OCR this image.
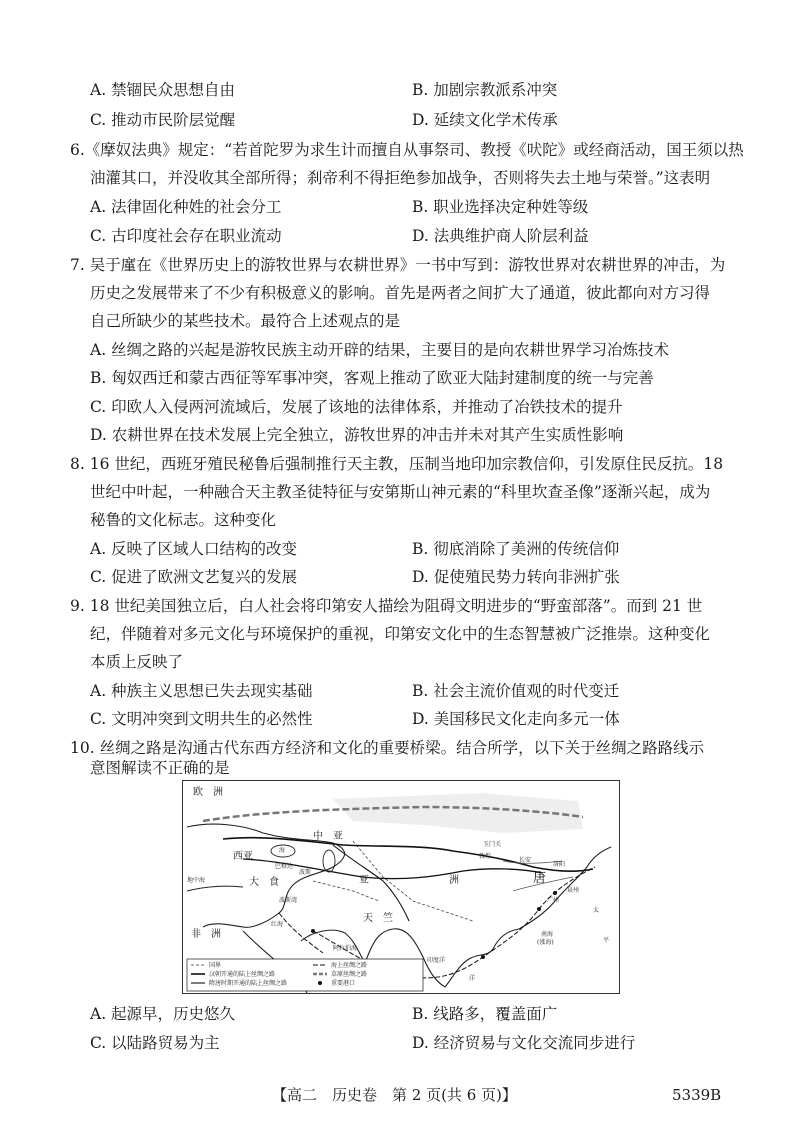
A. 禁锢民众思想自由	B. 加剧宗教派系冲突
C. 推动市民阶层觉醒	D. 延续文化学术传承
6.《摩奴法典》规定：“若首陀罗为求生计而擅自从事祭司、教授《吠陀》或经商活动，国王须以热
油灌其口，并没收其全部所得；刹帝利不得拒绝参加战争，否则将失去土地与荣誉。”这表明
A. 法律固化种姓的社会分工	B. 职业选择决定种姓等级
C. 古印度社会存在职业流动	D. 法典维护商人阶层利益
7. 吴于廑在《世界历史上的游牧世界与农耕世界》一书中写到：游牧世界对农耕世界的冲击，为
历史之发展带来了不少有积极意义的影响。首先是两者之间扩大了通道，彼此都向对方习得
自己所缺少的某些技术。最符合上述观点的是
A. 丝绸之路的兴起是游牧民族主动开辟的结果，主要目的是向农耕世界学习冶炼技术
B. 匈奴西迁和蒙古西征等军事冲突，客观上推动了欧亚大陆封建制度的统一与完善
C. 印欧人入侵两河流域后，发展了该地的法律体系，并推动了冶铁技术的提升
D. 农耕世界在技术发展上完全独立，游牧世界的冲击并未对其产生实质性影响
8. 16 世纪，西班牙殖民秘鲁后强制推行天主教，压制当地印加宗教信仰，引发原住民反抗。18
世纪中叶起，一种融合天主教圣徒特征与安第斯山神元素的“科里坎查圣像”逐渐兴起，成为
秘鲁的文化标志。这种变化
A. 反映了区域人口结构的改变	B. 彻底消除了美洲的传统信仰
C. 促进了欧洲文艺复兴的发展	D. 促使殖民势力转向非洲扩张
9. 18 世纪美国独立后，白人社会将印第安人描绘为阻碍文明进步的“野蛮部落”。而到 21 世
纪，伴随着对多元文化与环境保护的重视，印第安文化中的生态智慧被广泛推崇。这种变化
本质上反映了
A. 种族主义思想已失去现实基础	B. 社会主流价值观的时代变迁
C. 文明冲突到文明共生的必然性	D. 美国移民文化走向多元一体
10. 丝绸之路是沟通古代东西方经济和文化的重要桥梁。结合所学，以下关于丝绸之路路线示
意图解读不正确的是
欧　洲
非　洲
中　亚
西亚
大　食	亚	洲
天　竺
唐
波斯
地中海
海
红海
阿拉伯海
印度洋
洋
太
平
南海
(涨海)
长安
广州
洛阳
泉州
玉门关
敦煌
波斯湾
巴格达
国界
汉朝开通的陆上丝绸之路
隋唐时期开通的陆上丝绸之路
海上丝绸之路
草原丝绸之路
重要港口
A. 起源早，历史悠久	B. 线路多，覆盖面广
C. 以陆路贸易为主	D. 经济贸易与文化交流同步进行
【高二　历史卷　第 2 页(共 6 页)】	5339B
